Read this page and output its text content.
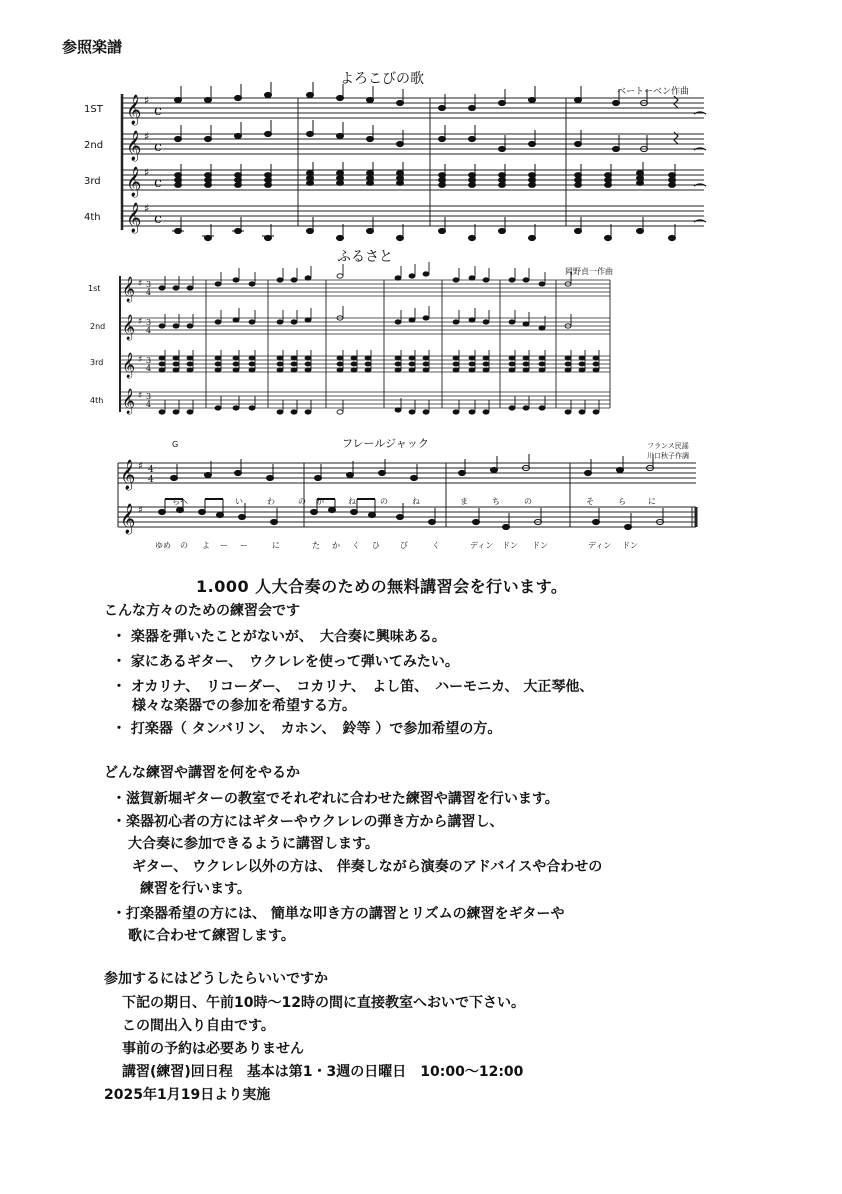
参照楽譜
よろこびの歌
ベートーベン作曲
1ST
2nd
3rd
4th
𝄞
𝄞
𝄞
𝄞
c
c
c
c
♯
♯
♯
♯
ふるさと
岡野貞一作曲
1st
2nd
3rd
4th
𝄞
𝄞
𝄞
𝄞
♯
♯
♯
♯
3
4
3
4
3
4
3
4
G	フレールジャック	フランス民謡
川口秋子作調
𝄞
𝄞
♯
♯
4
4
ら へ	い	わ	の か	ね	の	ね	ま	ち	の	そ	ら	に
ゆめ の よ ー ー	に	た か く ひ	び	く	ディン ドン ドン	ディン ドン
1.000 人大合奏のための無料講習会を行います。
こんな方々のための練習会です
・ 楽器を弾いたことがないが、　大合奏に興味ある。
・ 家にあるギター、　ウクレレを使って弾いてみたい。
・ オカリナ、　リコーダー、　コカリナ、　よし笛、　ハーモニカ、 大正琴他、
様々な楽器での参加を希望する方。
・ 打楽器（ タンバリン、　カホン、　鈴等 ）で参加希望の方。
どんな練習や講習を何をやるか
・滋賀新堀ギターの教室でそれぞれに合わせた練習や講習を行います。
・楽器初心者の方にはギターやウクレレの弾き方から講習し、
大合奏に参加できるように講習します。
ギター、 ウクレレ以外の方は、 伴奏しながら演奏のアドバイスや合わせの
練習を行います。
・打楽器希望の方には、 簡単な叩き方の講習とリズムの練習をギターや
歌に合わせて練習します。
参加するにはどうしたらいいですか
下記の期日、午前10時～12時の間に直接教室へおいで下さい。
この間出入り自由です。
事前の予約は必要ありません
講習(練習)回日程　基本は第1・3週の日曜日　10:00～12:00
2025年1月19日より実施
